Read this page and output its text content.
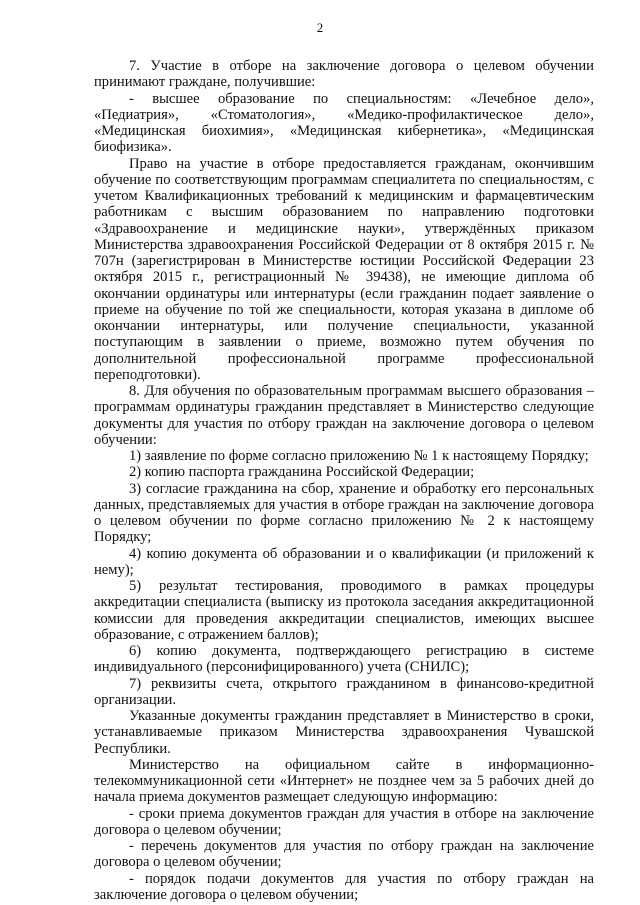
2

7. Участие в отборе на заключение договора о целевом обучении принимают граждане, получившие:

- высшее образование по специальностям: «Лечебное дело», «Педиатрия», «Стоматология», «Медико-профилактическое дело», «Медицинская биохимия», «Медицинская кибернетика», «Медицинская биофизика».

Право на участие в отборе предоставляется гражданам, окончившим обучение по соответствующим программам специалитета по специальностям, с учетом Квалификационных требований к медицинским и фармацевтическим работникам с высшим образованием по направлению подготовки «Здравоохранение и медицинские науки», утверждённых приказом Министерства здравоохранения Российской Федерации от 8 октября 2015 г. № 707н (зарегистрирован в Министерстве юстиции Российской Федерации 23 октября 2015 г., регистрационный № 39438), не имеющие диплома об окончании ординатуры или интернатуры (если гражданин подает заявление о приеме на обучение по той же специальности, которая указана в дипломе об окончании интернатуры, или получение специальности, указанной поступающим в заявлении о приеме, возможно путем обучения по дополнительной профессиональной программе профессиональной переподготовки).

8. Для обучения по образовательным программам высшего образования – программам ординатуры гражданин представляет в Министерство следующие документы для участия по отбору граждан на заключение договора о целевом обучении:

1) заявление по форме согласно приложению № 1 к настоящему Порядку;

2) копию паспорта гражданина Российской Федерации;

3) согласие гражданина на сбор, хранение и обработку его персональных данных, представляемых для участия в отборе граждан на заключение договора о целевом обучении по форме согласно приложению № 2 к настоящему Порядку;

4) копию документа об образовании и о квалификации (и приложений к нему);

5) результат тестирования, проводимого в рамках процедуры аккредитации специалиста (выписку из протокола заседания аккредитационной комиссии для проведения аккредитации специалистов, имеющих высшее образование, с отражением баллов);

6) копию документа, подтверждающего регистрацию в системе индивидуального (персонифицированного) учета (СНИЛС);

7) реквизиты счета, открытого гражданином в финансово-кредитной организации.

Указанные документы гражданин представляет в Министерство в сроки, устанавливаемые приказом Министерства здравоохранения Чувашской Республики.

Министерство на официальном сайте в информационно-телекоммуникационной сети «Интернет» не позднее чем за 5 рабочих дней до начала приема документов размещает следующую информацию:

- сроки приема документов граждан для участия в отборе на заключение договора о целевом обучении;

- перечень документов для участия по отбору граждан на заключение договора о целевом обучении;

- порядок подачи документов для участия по отбору граждан на заключение договора о целевом обучении;
